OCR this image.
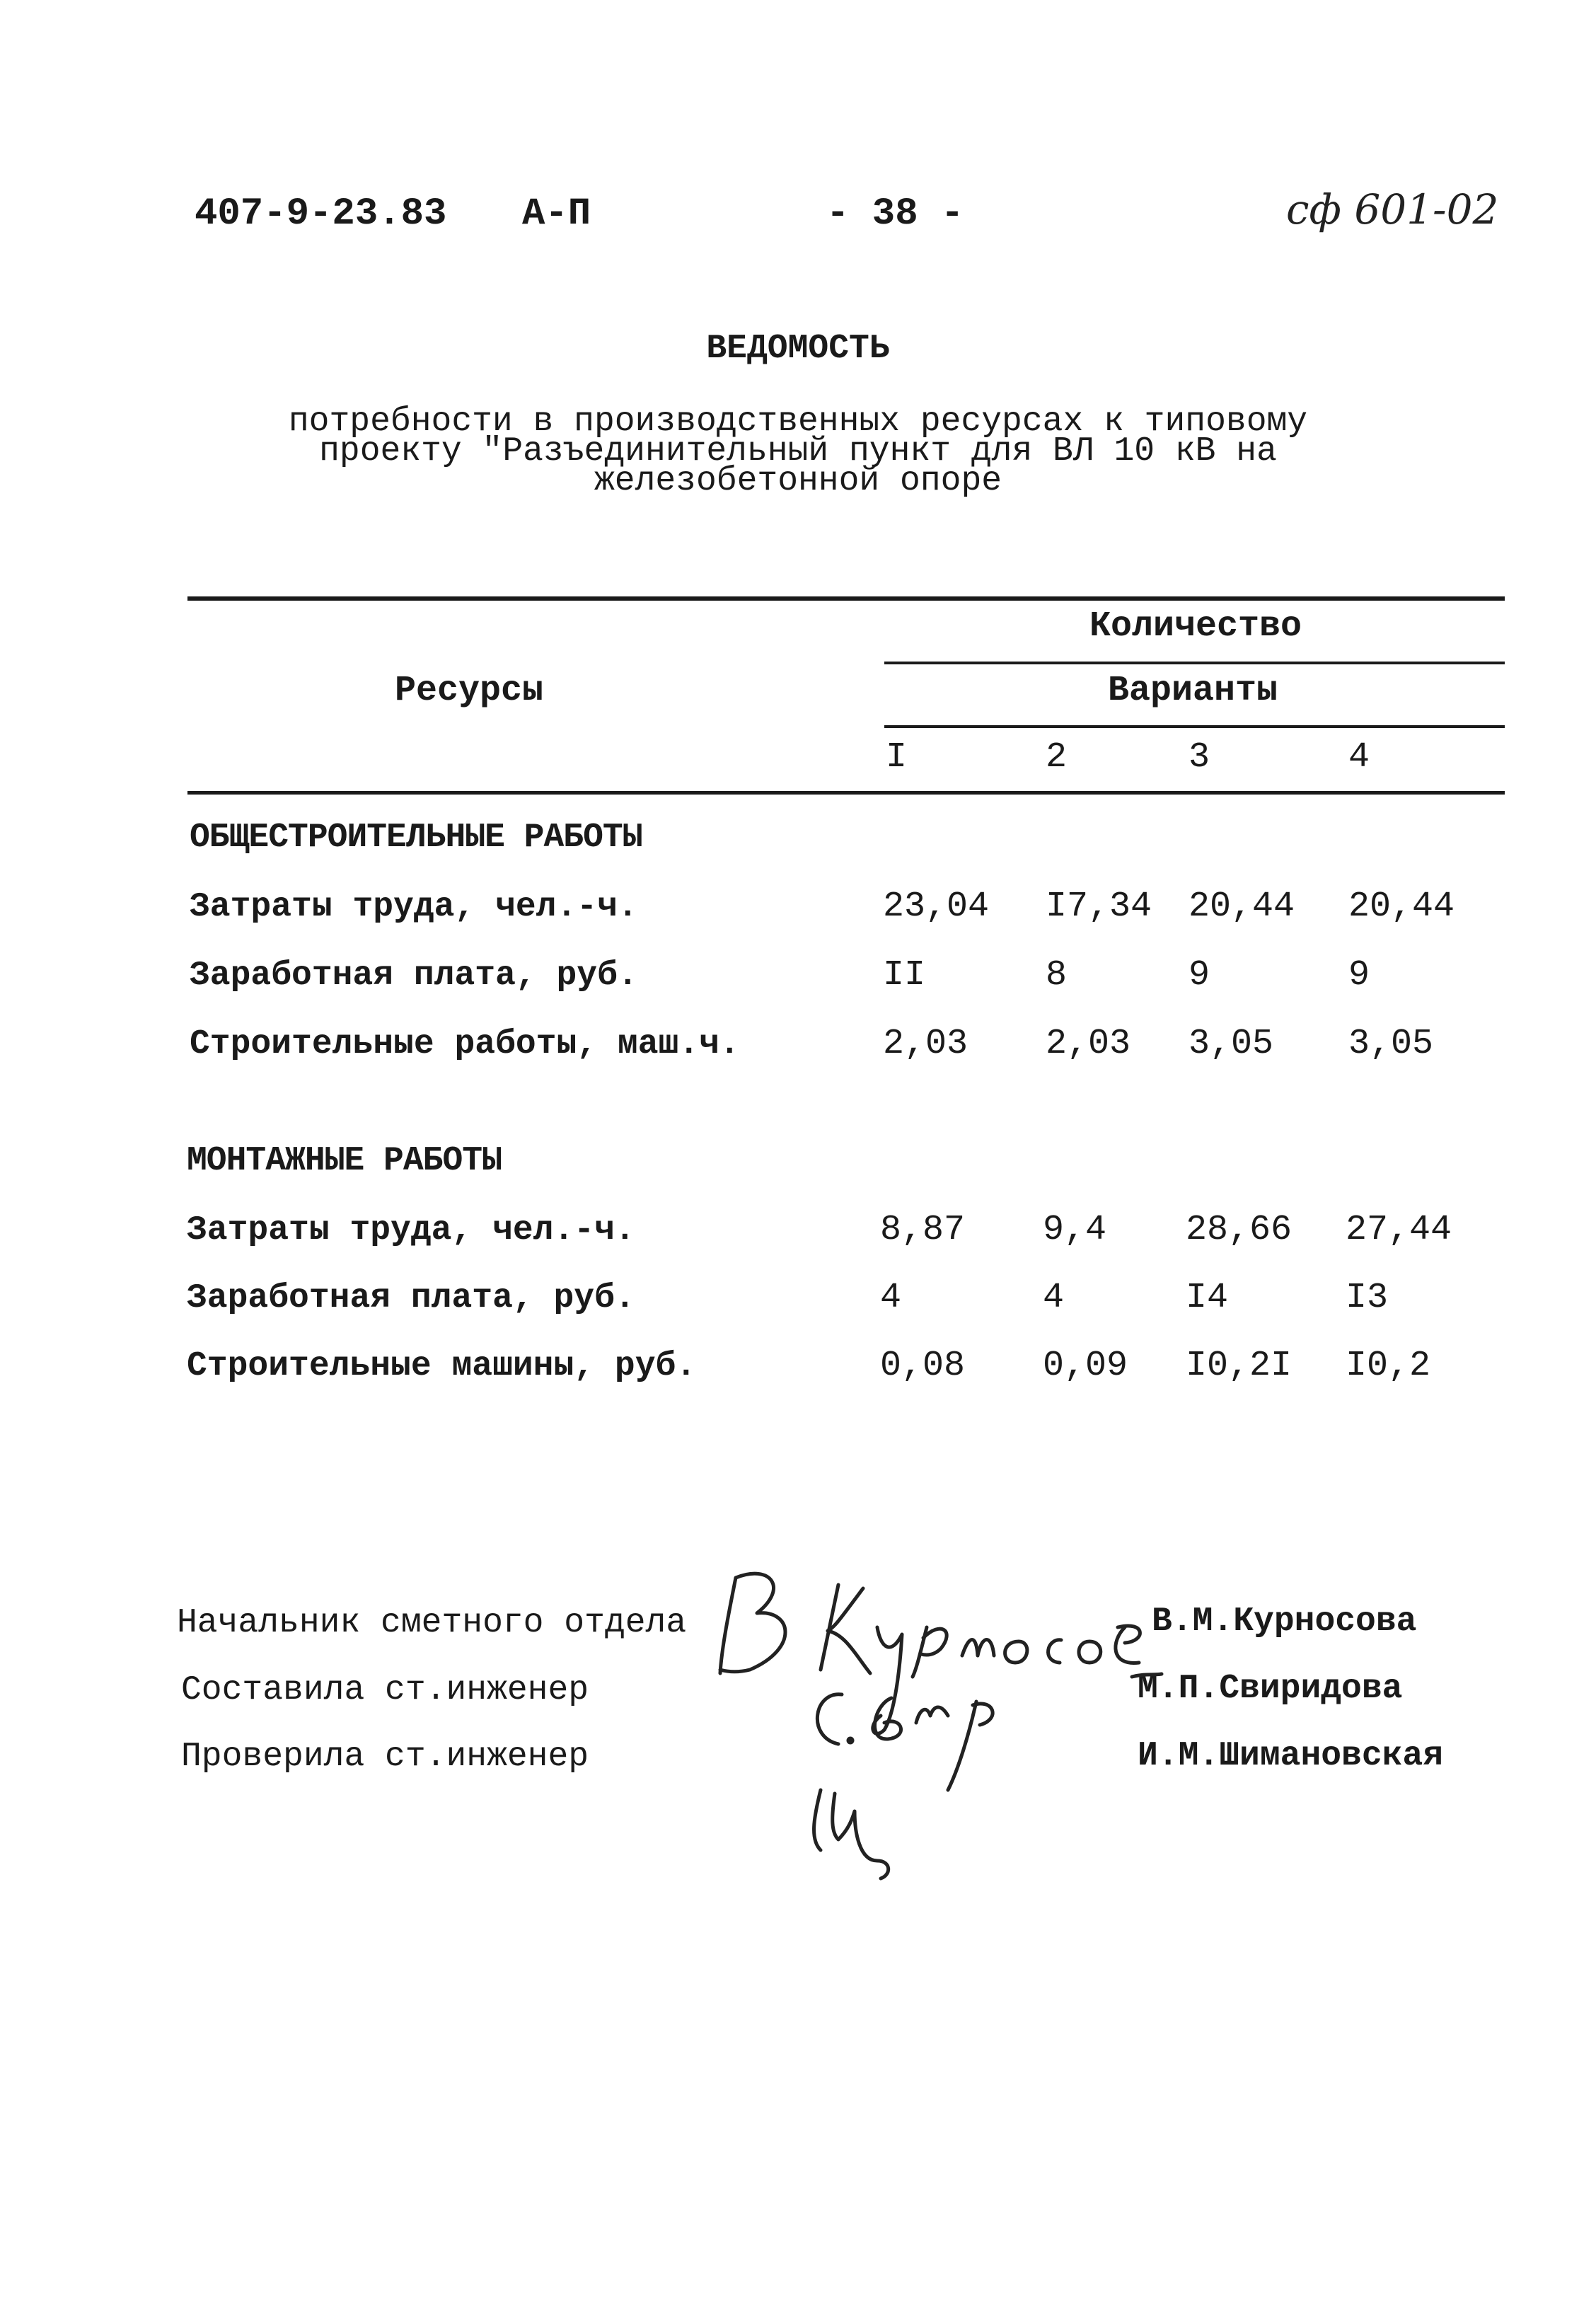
407-9-23.83 А-П	- 38 -	сф 601-02
ВЕДОМОСТЬ
потребности в производственных ресурсах к типовому
проекту "Разъединительный пункт для ВЛ 10 кВ на
железобетонной опоре
Количество
Ресурсы	Варианты
I	2	3	4
ОБЩЕСТРОИТЕЛЬНЫЕ РАБОТЫ
Затраты труда, чел.-ч.	23,04 I7,34 20,44 20,44
Заработная плата, руб.	II	8	9	9
Строительные работы, маш.ч.	2,03 2,03 3,05 3,05
МОНТАЖНЫЕ РАБОТЫ
Затраты труда, чел.-ч.	8,87 9,4 28,66 27,44
Заработная плата, руб.	4	4	I4	I3
Строительные машины, руб.	0,08 0,09 I0,2I I0,2
Начальник сметного отдела	В.М.Курносова
Составила ст.инженер	М.П.Свиридова
Проверила ст.инженер	И.М.Шимановская
